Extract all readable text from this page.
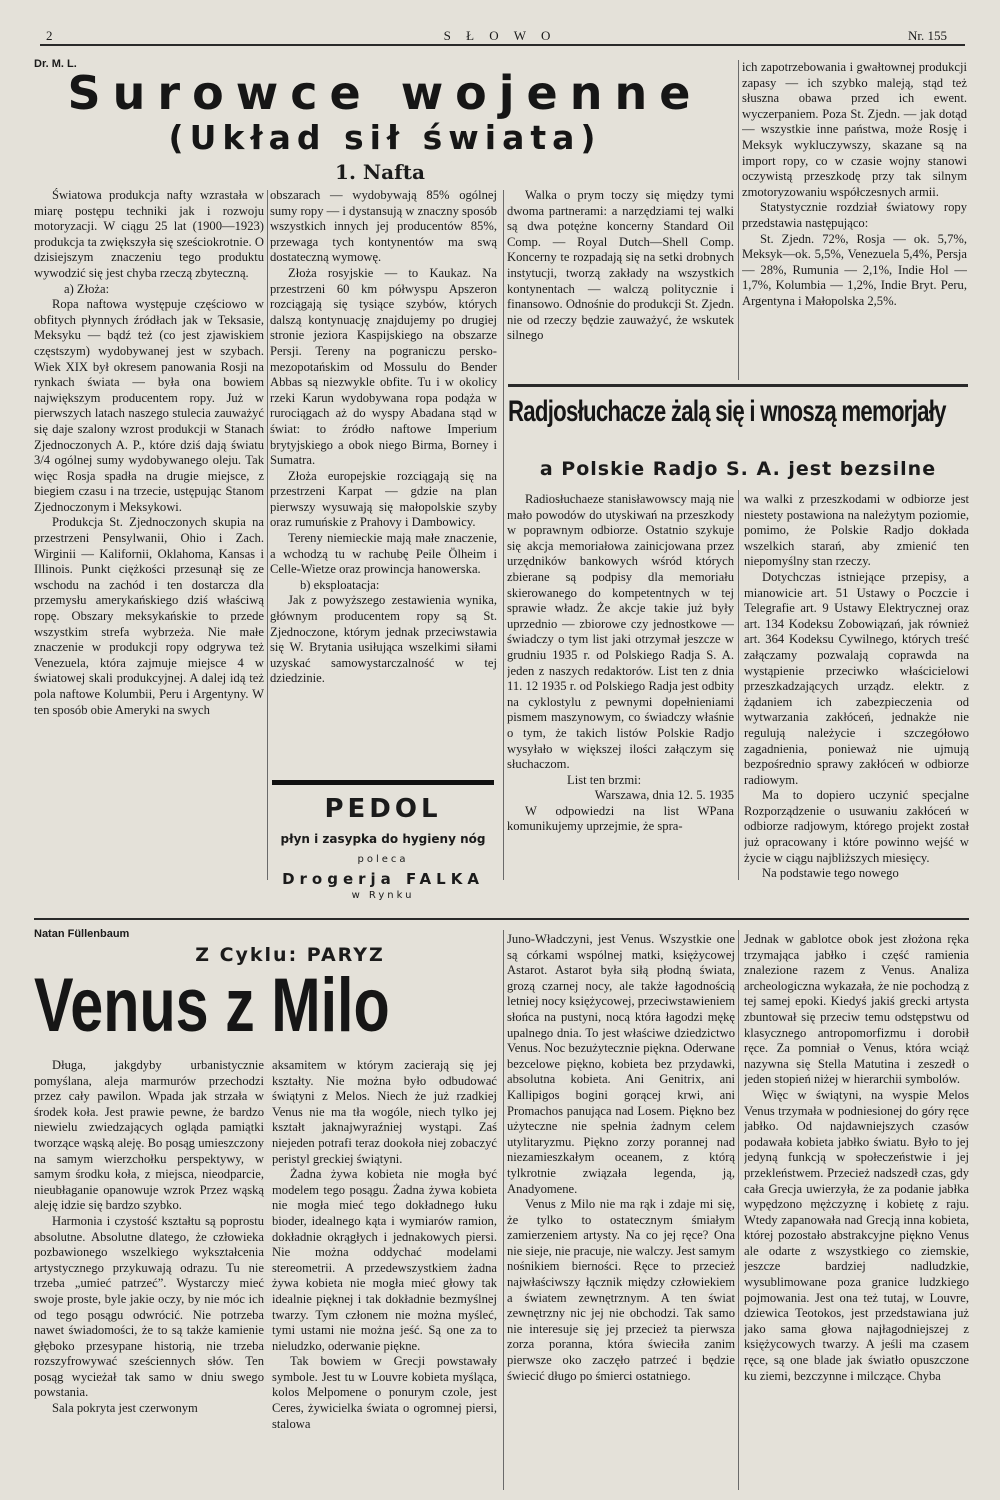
2	S Ł O W O	Nr. 155
Dr. M. L.
Surowce wojenne
(Układ sił świata)
1. Nafta

Światowa produkcja nafty wzrastała w miarę postępu techniki jak i rozwoju motoryzacji. W ciągu 25 lat (1900—1923) produkcja ta zwiększyła się sześciokrotnie. O dzisiejszym znaczeniu tego produktu wywodzić się jest chyba rzeczą zbyteczną.

a) Złoża:

Ropa naftowa występuje częściowo w obfitych płynnych źródłach jak w Teksasie, Meksyku — bądź też (co jest zjawiskiem częstszym) wydobywanej jest w szybach. Wiek XIX był okresem panowania Rosji na rynkach świata — była ona bowiem największym producentem ropy. Już w pierwszych latach naszego stulecia zauważyć się daje szalony wzrost produkcji w Stanach Zjednoczonych A. P., które dziś dają światu 3/4 ogólnej sumy wydobywanego oleju. Tak więc Rosja spadła na drugie miejsce, z biegiem czasu i na trzecie, ustępując Stanom Zjednoczonym i Meksykowi.

Produkcja St. Zjednoczonych skupia na przestrzeni Pensylwanii, Ohio i Zach. Wirginii — Kalifornii, Oklahoma, Kansas i Illinois. Punkt ciężkości przesunął się ze wschodu na zachód i ten dostarcza dla przemysłu amerykańskiego dziś właściwą ropę. Obszary meksykańskie to przede wszystkim strefa wybrzeża. Nie małe znaczenie w produkcji ropy odgrywa też Venezuela, która zajmuje miejsce 4 w światowej skali produkcyjnej. A dalej idą też pola naftowe Kolumbii, Peru i Argentyny. W ten sposób obie Ameryki na swych

obszarach — wydobywają 85% ogólnej sumy ropy — i dystansują w znaczny sposób wszystkich innych jej producentów 85%, przewaga tych kontynentów ma swą dostateczną wymowę.

Złoża rosyjskie — to Kaukaz. Na przestrzeni 60 km półwyspu Apszeron rozciągają się tysiące szybów, których dalszą kontynuację znajdujemy po drugiej stronie jeziora Kaspijskiego na obszarze Persji. Tereny na pograniczu persko-mezopotańskim od Mossulu do Bender Abbas są niezwykle obfite. Tu i w okolicy rzeki Karun wydobywana ropa podąża w rurociągach aż do wyspy Abadana stąd w świat: to źródło naftowe Imperium brytyjskiego a obok niego Birma, Borney i Sumatra.

Złoża europejskie rozciągają się na przestrzeni Karpat — gdzie na plan pierwszy wysuwają się małopolskie szyby oraz rumuńskie z Prahovy i Dambowicy.

Tereny niemieckie mają małe znaczenie, a wchodzą tu w rachubę Peile Ölheim i Celle-Wietze oraz prowincja hanowerska.

b) eksploatacja:

Jak z powyższego zestawienia wynika, głównym producentem ropy są St. Zjednoczone, którym jednak przeciwstawia się W. Brytania usiłująca wszelkimi siłami uzyskać samowystarczalność w tej dziedzinie.

Walka o prym toczy się między tymi dwoma partnerami: a narzędziami tej walki są dwa potężne koncerny Standard Oil Comp. — Royal Dutch—Shell Comp. Koncerny te rozpadają się na setki drobnych instytucji, tworzą zakłady na wszystkich kontynentach — walczą politycznie i finansowo. Odnośnie do produkcji St. Zjedn. nie od rzeczy będzie zauważyć, że wskutek silnego

ich zapotrzebowania i gwałtownej produkcji zapasy — ich szybko maleją, stąd też słuszna obawa przed ich ewent. wyczerpaniem. Poza St. Zjedn. — jak dotąd — wszystkie inne państwa, może Rosję i Meksyk wykluczywszy, skazane są na import ropy, co w czasie wojny stanowi oczywistą przeszkodę przy tak silnym zmotoryzowaniu współczesnych armii.

Statystycznie rozdział światowy ropy przedstawia następująco:

St. Zjedn. 72%, Rosja — ok. 5,7%, Meksyk—ok. 5,5%, Venezuela 5,4%, Persja — 28%, Rumunia — 2,1%, Indie Hol — 1,7%, Kolumbia — 1,2%, Indie Bryt. Peru, Argentyna i Małopolska 2,5%.

PEDOL
płyn i zasypka do hygieny nóg
poleca
Drogerja FALKA
w Rynku
Radjosłuchacze żalą się i wnoszą memorjały
a Polskie Radjo S. A. jest bezsilne

Radiosłuchaeze stanisławowscy mają nie mało powodów do utyskiwań na przeszkody w poprawnym odbiorze. Ostatnio szykuje się akcja memoriałowa zainicjowana przez urzędników bankowych wśród których zbierane są podpisy dla memoriału skierowanego do kompetentnych w tej sprawie władz. Że akcje takie już były uprzednio — zbiorowe czy jednostkowe — świadczy o tym list jaki otrzymał jeszcze w grudniu 1935 r. od Polskiego Radja S. A. jeden z naszych redaktorów. List ten z dnia 11. 12 1935 r. od Polskiego Radja jest odbity na cyklostylu z pewnymi dopełnieniami pismem maszynowym, co świadczy właśnie o tym, że takich listów Polskie Radjo wysyłało w większej ilości załączym się słuchaczom.

List ten brzmi:

Warszawa, dnia 12. 5. 1935

W odpowiedzi na list WPana komunikujemy uprzejmie, że spra-

wa walki z przeszkodami w odbiorze jest niestety postawiona na należytym poziomie, pomimo, że Polskie Radjo dokłada wszelkich starań, aby zmienić ten niepomyślny stan rzeczy.

Dotychczas istniejące przepisy, a mianowicie art. 51 Ustawy o Poczcie i Telegrafie art. 9 Ustawy Elektrycznej oraz art. 134 Kodeksu Zobowiązań, jak również art. 364 Kodeksu Cywilnego, których treść załączamy pozwalają coprawda na wystąpienie przeciwko właścicielowi przeszkadzających urządz. elektr. z żądaniem ich zabezpieczenia od wytwarzania zakłóceń, jednakże nie regulują należycie i szczegółowo zagadnienia, ponieważ nie ujmują bezpośrednio sprawy zakłóceń w odbiorze radiowym.

Ma to dopiero uczynić specjalne Rozporządzenie o usuwaniu zakłóceń w odbiorze radjowym, którego projekt został już opracowany i które powinno wejść w życie w ciągu najbliższych miesięcy.

Na podstawie tego nowego

Natan Füllenbaum
Z Cyklu: PARYZ
Venus z Milo

Długa, jakgdyby urbanistycznie pomyślana, aleja marmurów przechodzi przez cały pawilon. Wpada jak strzała w środek koła. Jest prawie pewne, że bardzo niewielu zwiedzających ogląda pamiątki tworzące wąską aleję. Bo posąg umieszczony na samym wierzchołku perspektywy, w samym środku koła, z miejsca, nieodparcie, nieubłaganie opanowuje wzrok Przez wąską aleję idzie się bardzo szybko.

Harmonia i czystość kształtu są poprostu absolutne. Absolutne dlatego, że człowieka pozbawionego wszelkiego wykształcenia artystycznego przykuwają odrazu. Tu nie trzeba „umieć patrzeć”. Wystarczy mieć swoje proste, byle jakie oczy, by nie móc ich od tego posągu odwrócić. Nie potrzeba nawet świadomości, że to są także kamienie głęboko przesypane historią, nie trzeba rozszyfrowywać sześciennych słów. Ten posąg wycieżał tak samo w dniu swego powstania.

Sala pokryta jest czerwonym

aksamitem w którym zacierają się jej kształty. Nie można było odbudować świątyni z Melos. Niech że już rzadkiej Venus nie ma tła wogóle, niech tylko jej kształt jaknajwyraźniej wystąpi. Zaś niejeden potrafi teraz dookoła niej zobaczyć peristyl greckiej świątyni.

Żadna żywa kobieta nie mogła być modelem tego posągu. Żadna żywa kobieta nie mogła mieć tego dokładnego łuku bioder, idealnego kąta i wymiarów ramion, dokładnie okrągłych i jednakowych piersi. Nie można oddychać modelami stereometrii. A przedewszystkiem żadna żywa kobieta nie mogła mieć głowy tak idealnie pięknej i tak dokładnie bezmyślnej twarzy. Tym członem nie można myśleć, tymi ustami nie można jeść. Są one za to nieludzko, oderwanie piękne.

Tak bowiem w Grecji powstawały symbole. Jest tu w Louvre kobieta myśląca, kolos Melpomene o ponurym czole, jest Ceres, żywicielka świata o ogromnej piersi, stalowa

Juno-Władczyni, jest Venus. Wszystkie one są córkami wspólnej matki, księżycowej Astarot. Astarot była siłą płodną świata, grozą czarnej nocy, ale także łagodnością letniej nocy księżycowej, przeciwstawieniem słońca na pustyni, nocą która łagodzi mękę upalnego dnia. To jest właściwe dziedzictwo Venus. Noc bezużytecznie piękna. Oderwane bezcelowe piękno, kobieta bez przydawki, absolutna kobieta. Ani Genitrix, ani Kallipigos bogini gorącej krwi, ani Promachos panująca nad Losem. Piękno bez użyteczne nie spełnia żadnym celem utylitaryzmu. Piękno zorzy porannej nad niezamieszkałym oceanem, z którą tylkrotnie związała legenda, ją, Anadyomene.

Venus z Milo nie ma rąk i zdaje mi się, że tylko to ostatecznym śmiałym zamierzeniem artysty. Na co jej ręce? Ona nie sieje, nie pracuje, nie walczy. Jest samym nośnikiem bierności. Ręce to przecież najwłaściwszy łącznik między człowiekiem a światem zewnętrznym. A ten świat zewnętrzny nic jej nie obchodzi. Tak samo nie interesuje się jej przecież ta pierwsza zorza poranna, która świeciła zanim pierwsze oko zaczęło patrzeć i będzie świecić długo po śmierci ostatniego.

Jednak w gablotce obok jest złożona ręka trzymająca jabłko i część ramienia znalezione razem z Venus. Analiza archeologiczna wykazała, że nie pochodzą z tej samej epoki. Kiedyś jakiś grecki artysta zbuntował się przeciw temu odstępstwu od klasycznego antropomorfizmu i dorobił ręce. Za pomniał o Venus, która wciąż nazywna się Stella Matutina i zeszedł o jeden stopień niżej w hierarchii symbolów.

Więc w świątyni, na wyspie Melos Venus trzymała w podniesionej do góry ręce jabłko. Od najdawniejszych czasów podawała kobieta jabłko światu. Było to jej jedyną funkcją w społeczeństwie i jej przekleństwem. Przecież nadszedł czas, gdy cała Grecja uwierzyła, że za podanie jabłka wypędzono mężczyznę i kobietę z raju. Wtedy zapanowała nad Grecją inna kobieta, której pozostało abstrakcyjne piękno Venus ale odarte z wszystkiego co ziemskie, jeszcze bardziej nadludzkie, wysublimowane poza granice ludzkiego pojmowania. Jest ona też tutaj, w Louvre, dziewica Teotokos, jest przedstawiana już jako sama głowa najłagodniejszej z księżycowych twarzy. A jeśli ma czasem ręce, są one blade jak światło opuszczone ku ziemi, bezczynne i milczące. Chyba
